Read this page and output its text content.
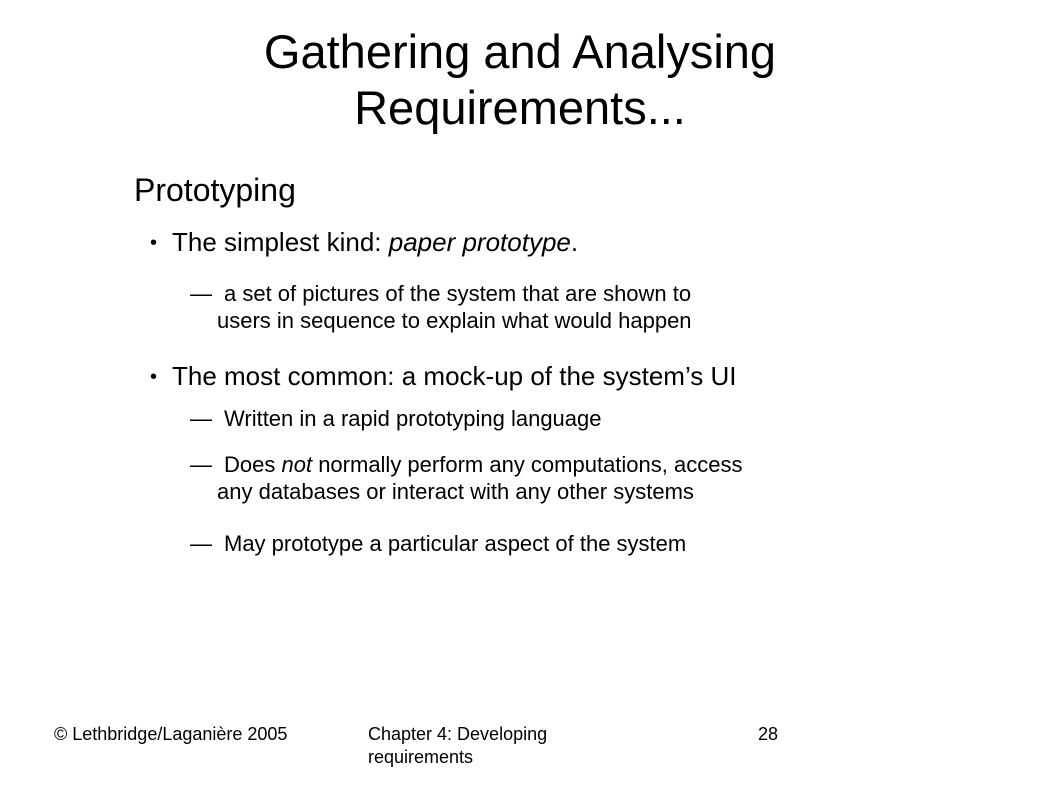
Gathering and Analysing
Requirements...
Prototyping
• The simplest kind: paper prototype.
— a set of pictures of the system that are shown to
users in sequence to explain what would happen
• The most common: a mock-up of the system’s UI
— Written in a rapid prototyping language
— Does not normally perform any computations, access
any databases or interact with any other systems
— May prototype a particular aspect of the system
© Lethbridge/Laganière 2005	Chapter 4: Developing requirements
28
